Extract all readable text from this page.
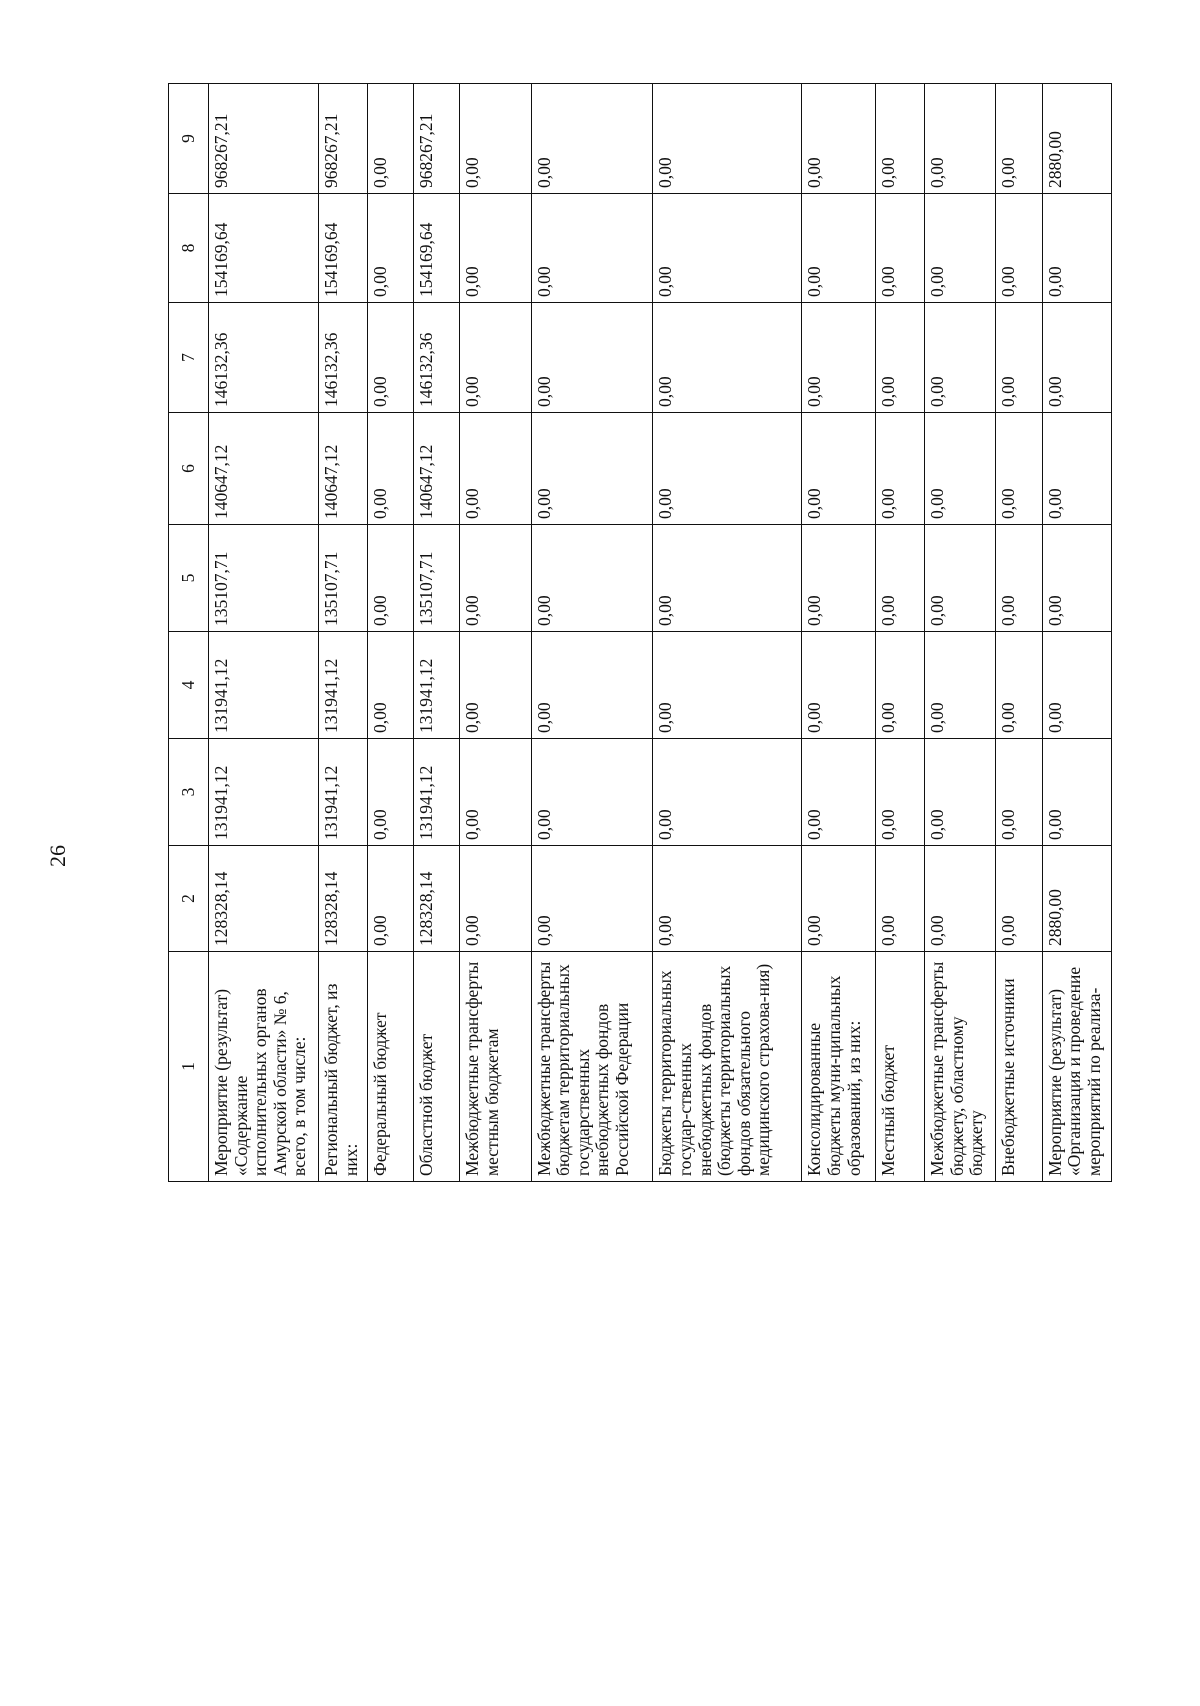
26
1	2	3	4	5	6	7	8	9
Мероприятие (результат) «Содержание исполнительных органов Амурской области» № 6, всего, в том числе:	128328,14	131941,12	131941,12	135107,71	140647,12	146132,36	154169,64	968267,21
Региональный бюджет, из них:	128328,14	131941,12	131941,12	135107,71	140647,12	146132,36	154169,64	968267,21
Федеральный бюджет	0,00	0,00	0,00	0,00	0,00	0,00	0,00	0,00
Областной бюджет	128328,14	131941,12	131941,12	135107,71	140647,12	146132,36	154169,64	968267,21
Межбюджетные трансферты местным бюджетам	0,00	0,00	0,00	0,00	0,00	0,00	0,00	0,00
Межбюджетные трансферты бюджетам территориальных государственных внебюджетных фондов Российской Федерации	0,00	0,00	0,00	0,00	0,00	0,00	0,00	0,00
Бюджеты территориальных государ-ственных внебюджетных фондов (бюджеты территориальных фондов обязательного медицинского страхова-ния)	0,00	0,00	0,00	0,00	0,00	0,00	0,00	0,00
Консолидированные бюджеты муни-ципальных образований, из них:	0,00	0,00	0,00	0,00	0,00	0,00	0,00	0,00
Местный бюджет	0,00	0,00	0,00	0,00	0,00	0,00	0,00	0,00
Межбюджетные трансферты бюджету, областному бюджету	0,00	0,00	0,00	0,00	0,00	0,00	0,00	0,00
Внебюджетные источники	0,00	0,00	0,00	0,00	0,00	0,00	0,00	0,00
Мероприятие (результат) «Организация и проведение мероприятий по реализа-	2880,00	0,00	0,00	0,00	0,00	0,00	0,00	2880,00
